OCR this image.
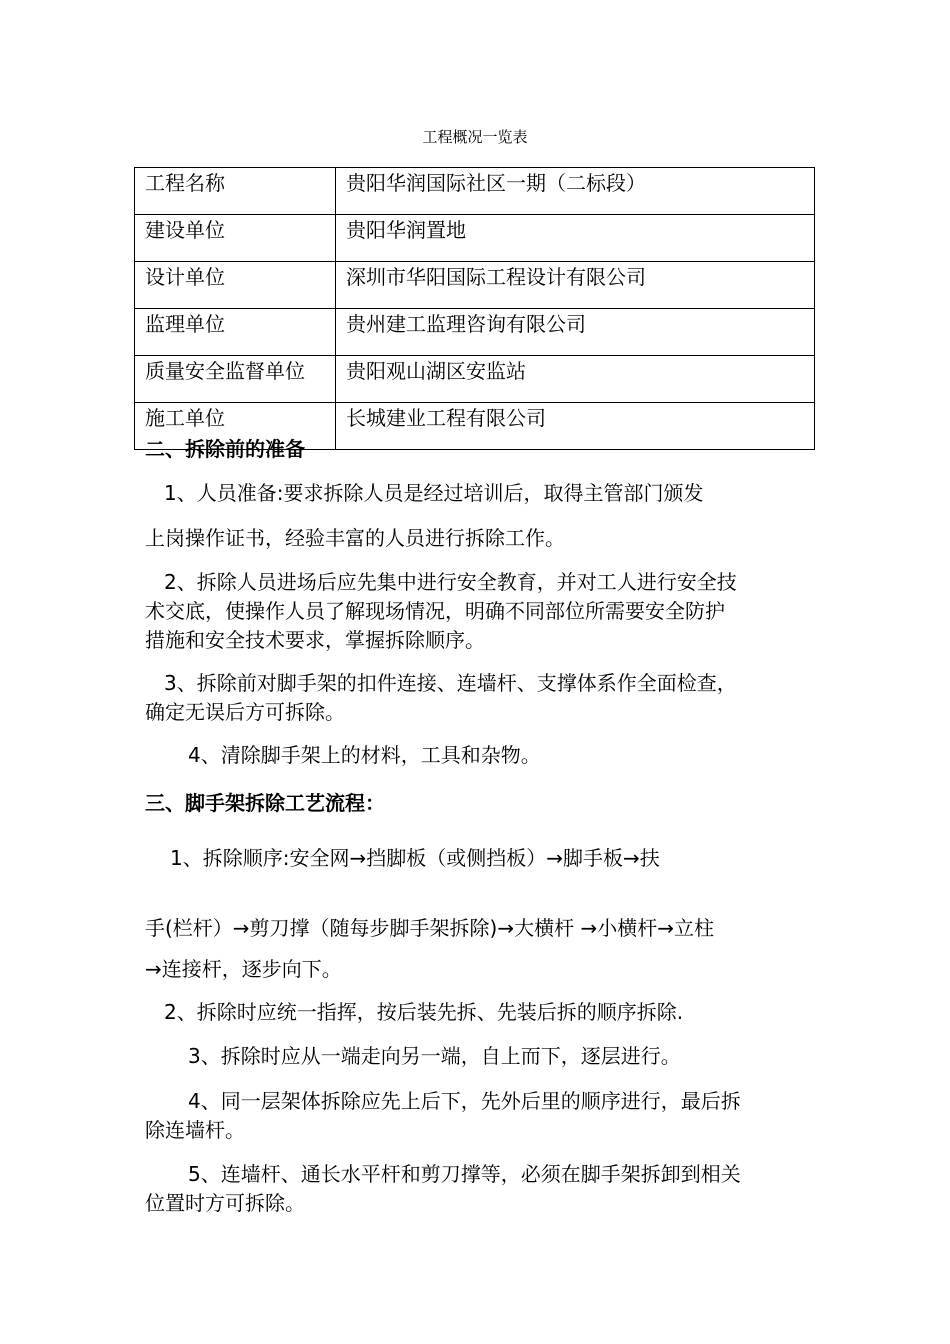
工程概况一览表
工程名称	贵阳华润国际社区一期（二标段）
建设单位	贵阳华润置地
设计单位	深圳市华阳国际工程设计有限公司
监理单位	贵州建工监理咨询有限公司
质量安全监督单位	贵阳观山湖区安监站
施工单位	长城建业工程有限公司
二、拆除前的准备
1、人员准备:要求拆除人员是经过培训后，取得主管部门颁发
上岗操作证书，经验丰富的人员进行拆除工作。
2、拆除人员进场后应先集中进行安全教育，并对工人进行安全技
术交底，使操作人员了解现场情况，明确不同部位所需要安全防护
措施和安全技术要求，掌握拆除顺序。
3、拆除前对脚手架的扣件连接、连墙杆、支撑体系作全面检查，
确定无误后方可拆除。
4、清除脚手架上的材料，工具和杂物。
三、脚手架拆除工艺流程：
1、拆除顺序:安全网→挡脚板（或侧挡板）→脚手板→扶
手(栏杆）→剪刀撑（随每步脚手架拆除)→大横杆 →小横杆→立柱
→连接杆，逐步向下。
2、拆除时应统一指挥，按后装先拆、先装后拆的顺序拆除.
3、拆除时应从一端走向另一端，自上而下，逐层进行。
4、同一层架体拆除应先上后下，先外后里的顺序进行，最后拆
除连墙杆。
5、连墙杆、通长水平杆和剪刀撑等，必须在脚手架拆卸到相关
位置时方可拆除。
